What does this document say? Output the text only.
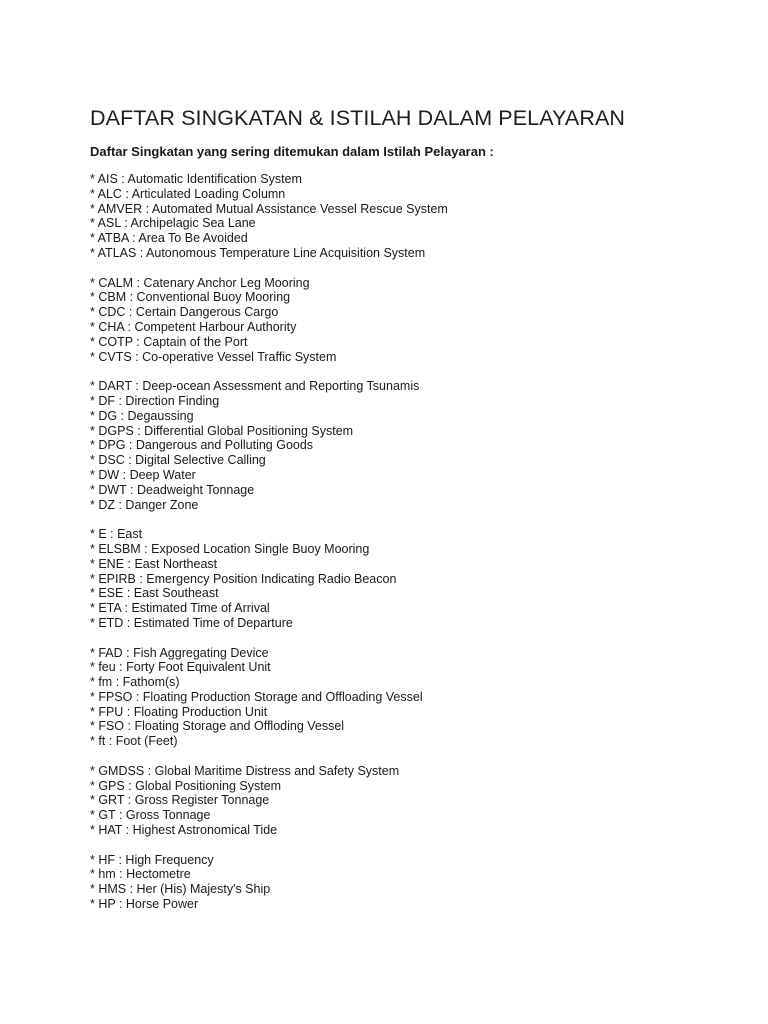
DAFTAR SINGKATAN & ISTILAH DALAM PELAYARAN
Daftar Singkatan yang sering ditemukan dalam Istilah Pelayaran :
* AIS : Automatic Identification System
* ALC : Articulated Loading Column
* AMVER : Automated Mutual Assistance Vessel Rescue System
* ASL : Archipelagic Sea Lane
* ATBA : Area To Be Avoided
* ATLAS : Autonomous Temperature Line Acquisition System
* CALM : Catenary Anchor Leg Mooring
* CBM : Conventional Buoy Mooring
* CDC : Certain Dangerous Cargo
* CHA : Competent Harbour Authority
* COTP : Captain of the Port
* CVTS : Co-operative Vessel Traffic System
* DART : Deep-ocean Assessment and Reporting Tsunamis
* DF : Direction Finding
* DG : Degaussing
* DGPS : Differential Global Positioning System
* DPG : Dangerous and Polluting Goods
* DSC : Digital Selective Calling
* DW : Deep Water
* DWT : Deadweight Tonnage
* DZ : Danger Zone
* E : East
* ELSBM : Exposed Location Single Buoy Mooring
* ENE : East Northeast
* EPIRB : Emergency Position Indicating Radio Beacon
* ESE : East Southeast
* ETA : Estimated Time of Arrival
* ETD : Estimated Time of Departure
* FAD : Fish Aggregating Device
* feu : Forty Foot Equivalent Unit
* fm : Fathom(s)
* FPSO : Floating Production Storage and Offloading Vessel
* FPU : Floating Production Unit
* FSO : Floating Storage and Offloding Vessel
* ft : Foot (Feet)
* GMDSS : Global Maritime Distress and Safety System
* GPS : Global Positioning System
* GRT : Gross Register Tonnage
* GT : Gross Tonnage
* HAT : Highest Astronomical Tide
* HF : High Frequency
* hm : Hectometre
* HMS : Her (His) Majesty's Ship
* HP : Horse Power
